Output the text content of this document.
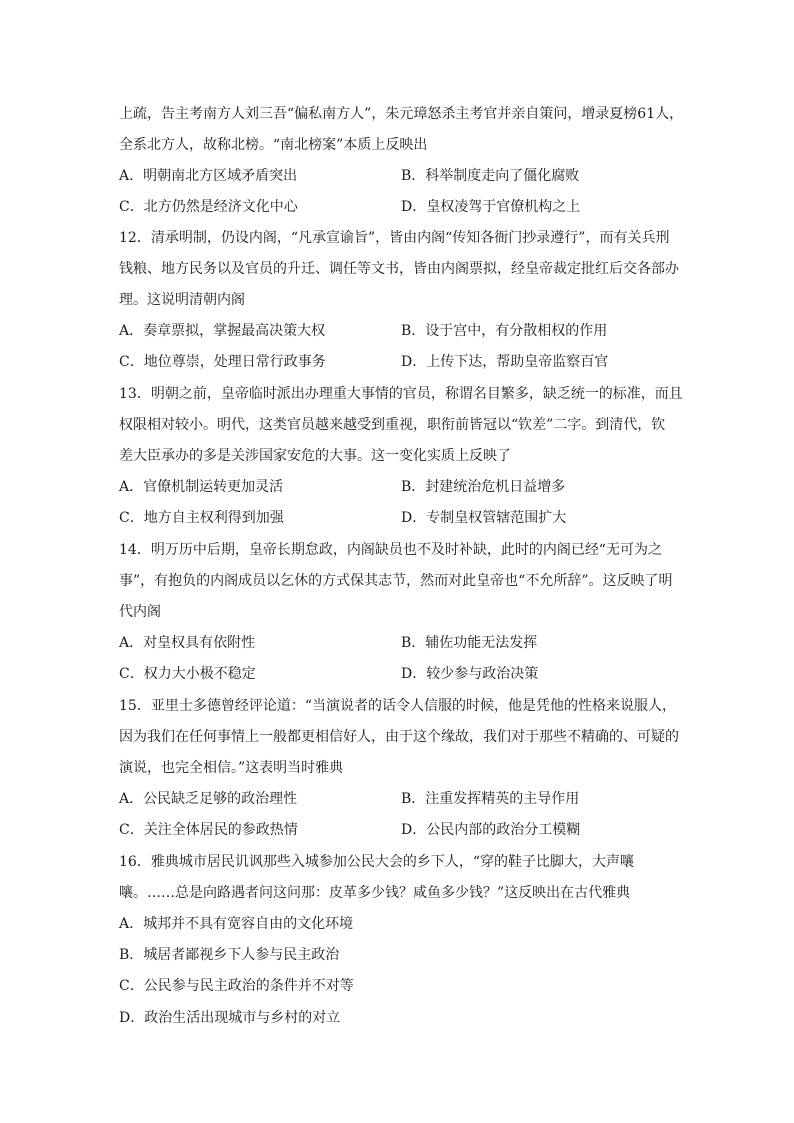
上疏，告主考南方人刘三吾“偏私南方人”，朱元璋怒杀主考官并亲自策问，增录夏榜61人，
全系北方人，故称北榜。“南北榜案”本质上反映出
A．明朝南北方区域矛盾突出	B．科举制度走向了僵化腐败
C．北方仍然是经济文化中心	D．皇权凌驾于官僚机构之上
12．清承明制，仍设内阁，“凡承宣谕旨”，皆由内阁“传知各衙门抄录遵行”，而有关兵刑
钱粮、地方民务以及官员的升迁、调任等文书，皆由内阁票拟，经皇帝裁定批红后交各部办
理。这说明清朝内阁
A．奏章票拟，掌握最高决策大权	B．设于宫中，有分散相权的作用
C．地位尊崇，处理日常行政事务	D．上传下达，帮助皇帝监察百官
13．明朝之前，皇帝临时派出办理重大事情的官员，称谓名目繁多，缺乏统一的标准，而且
权限相对较小。明代，这类官员越来越受到重视，职衔前皆冠以“钦差”二字。到清代，钦
差大臣承办的多是关涉国家安危的大事。这一变化实质上反映了
A．官僚机制运转更加灵活	B．封建统治危机日益增多
C．地方自主权利得到加强	D．专制皇权管辖范围扩大
14．明万历中后期，皇帝长期怠政，内阁缺员也不及时补缺，此时的内阁已经“无可为之
事”，有抱负的内阁成员以乞休的方式保其志节，然而对此皇帝也“不允所辞”。这反映了明
代内阁
A．对皇权具有依附性	B．辅佐功能无法发挥
C．权力大小极不稳定	D．较少参与政治决策
15．亚里士多德曾经评论道：“当演说者的话令人信服的时候，他是凭他的性格来说服人，
因为我们在任何事情上一般都更相信好人，由于这个缘故，我们对于那些不精确的、可疑的
演说，也完全相信。”这表明当时雅典
A．公民缺乏足够的政治理性	B．注重发挥精英的主导作用
C．关注全体居民的参政热情	D．公民内部的政治分工模糊
16．雅典城市居民讥讽那些入城参加公民大会的乡下人，“穿的鞋子比脚大，大声嚷
嚷。……总是向路遇者问这问那：皮革多少钱？咸鱼多少钱？”这反映出在古代雅典
A．城邦并不具有宽容自由的文化环境
B．城居者鄙视乡下人参与民主政治
C．公民参与民主政治的条件并不对等
D．政治生活出现城市与乡村的对立
